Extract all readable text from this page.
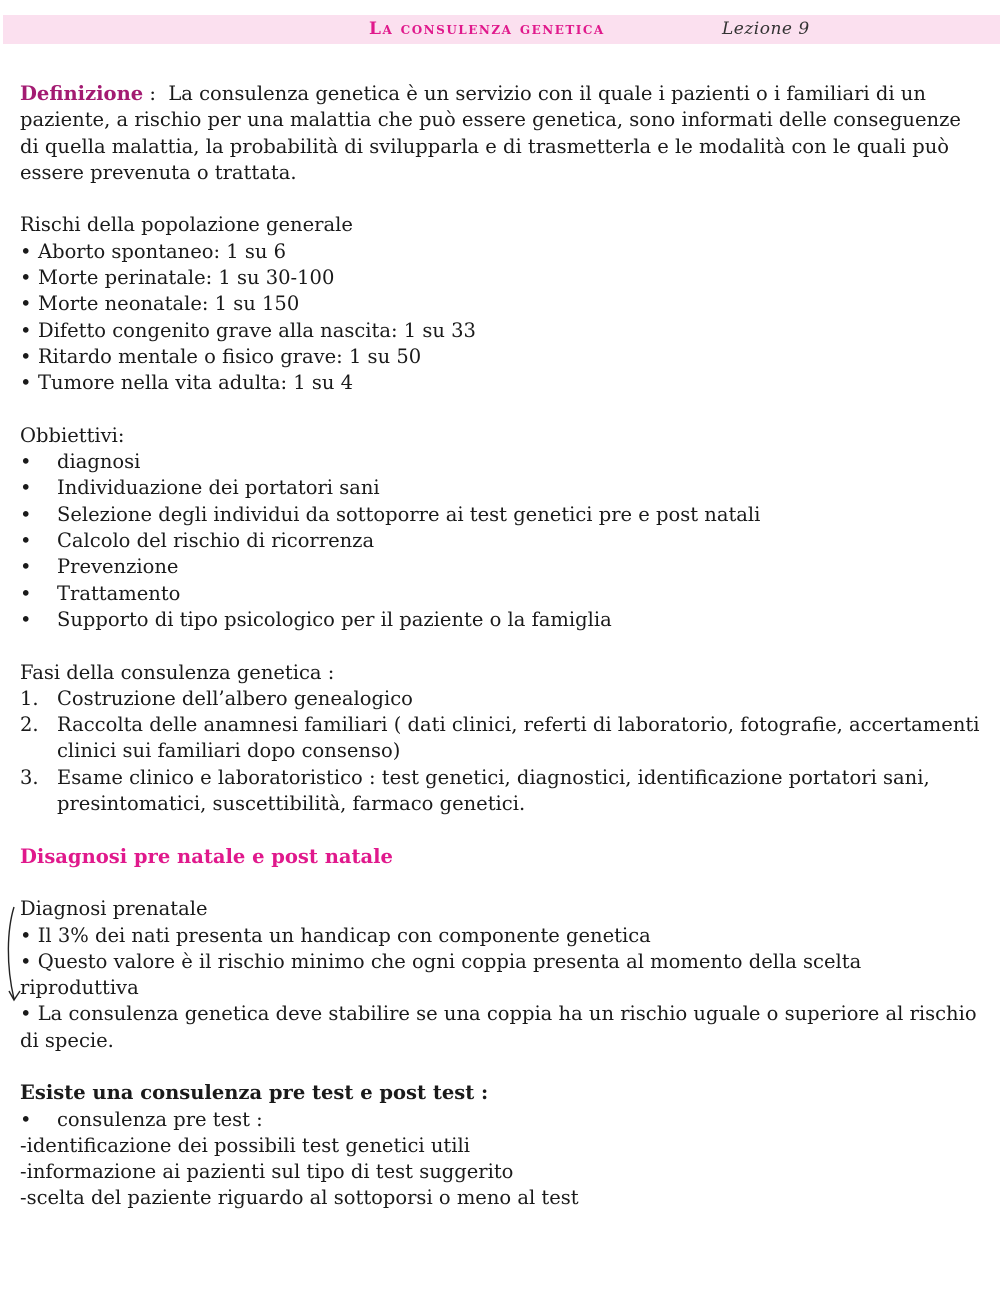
La consulenza genetica	Lezione 9

Definizione :  La consulenza genetica è un servizio con il quale i pazienti o i familiari di un paziente, a rischio per una malattia che può essere genetica, sono informati delle conseguenze di quella malattia, la probabilità di svilupparla e di trasmetterla e le modalità con le quali può essere prevenuta o trattata.

Rischi della popolazione generale

• Aborto spontaneo: 1 su 6
• Morte perinatale: 1 su 30-100
• Morte neonatale: 1 su 150
• Difetto congenito grave alla nascita: 1 su 33
• Ritardo mentale o fisico grave: 1 su 50
• Tumore nella vita adulta: 1 su 4

Obbiettivi:

• diagnosi
• Individuazione dei portatori sani
• Selezione degli individui da sottoporre ai test genetici pre e post natali
• Calcolo del rischio di ricorrenza
• Prevenzione
• Trattamento
• Supporto di tipo psicologico per il paziente o la famiglia

Fasi della consulenza genetica :

1. Costruzione dell’albero genealogico
2. Raccolta delle anamnesi familiari ( dati clinici, referti di laboratorio, fotografie, accertamenti clinici sui familiari dopo consenso)
3. Esame clinico e laboratoristico : test genetici, diagnostici, identificazione portatori sani, presintomatici, suscettibilità, farmaco genetici.

Disagnosi pre natale e post natale

Diagnosi prenatale

• Il 3% dei nati presenta un handicap con componente genetica

• Questo valore è il rischio minimo che ogni coppia presenta al momento della scelta riproduttiva

• La consulenza genetica deve stabilire se una coppia ha un rischio uguale o superiore al rischio di specie.

Esiste una consulenza pre test e post test :

• consulenza pre test :

-identificazione dei possibili test genetici utili

-informazione ai pazienti sul tipo di test suggerito

-scelta del paziente riguardo al sottoporsi o meno al test
